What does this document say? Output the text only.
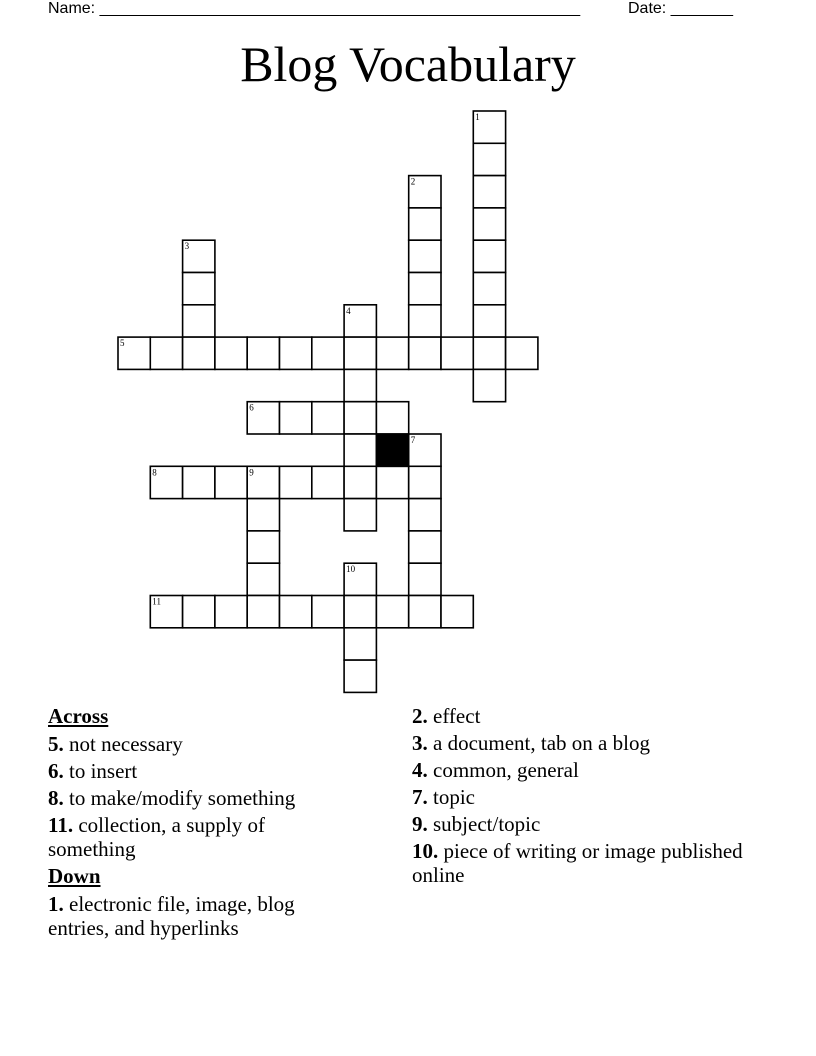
Name: ______________________________________________________	Date: _______
Blog Vocabulary
1
2
3
4
5
6
7
8	9
10
11
Across
5. not necessary
6. to insert
8. to make/modify something
11. collection, a supply of something
Down
1. electronic file, image, blog entries, and hyperlinks
2. effect
3. a document, tab on a blog
4. common, general
7. topic
9. subject/topic
10. piece of writing or image published online
